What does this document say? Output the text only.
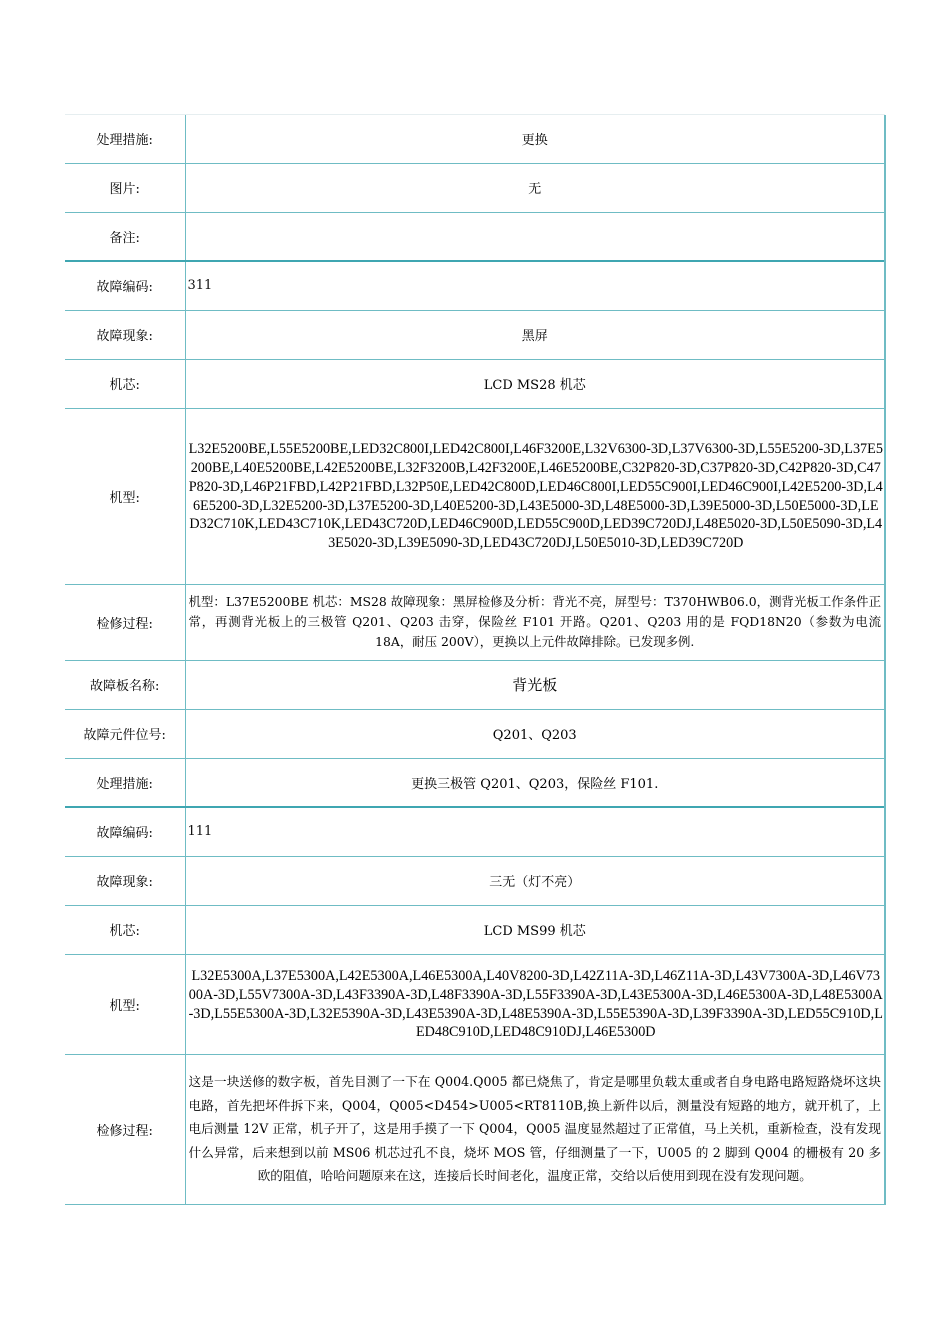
处理措施:	更换
图片:	无
备注:	
故障编码:	311
故障现象:	黑屏
机芯:	LCD MS28 机芯
机型:	L32E5200BE,L55E5200BE,LED32C800I,LED42C800I,L46F3200E,L32V6300-3D,L37V6300-3D,L55E5200-3D,L37E5200BE,L40E5200BE,L42E5200BE,L32F3200B,L42F3200E,L46E5200BE,C32P820-3D,C37P820-3D,C42P820-3D,C47P820-3D,L46P21FBD,L42P21FBD,L32P50E,LED42C800D,LED46C800I,LED55C900I,LED46C900I,L42E5200-3D,L46E5200-3D,L32E5200-3D,L37E5200-3D,L40E5200-3D,L43E5000-3D,L48E5000-3D,L39E5000-3D,L50E5000-3D,LED32C710K,LED43C710K,LED43C720D,LED46C900D,LED55C900D,LED39C720DJ,L48E5020-3D,L50E5090-3D,L43E5020-3D,L39E5090-3D,LED43C720DJ,L50E5010-3D,LED39C720D
检修过程:	机型：L37E5200BE 机芯：MS28 故障现象：黑屏检修及分析：背光不亮，屏型号：T370HWB06.0，测背光板工作条件正常，再测背光板上的三极管 Q201、Q203 击穿，保险丝 F101 开路。Q201、Q203 用的是 FQD18N20（参数为电流 18A，耐压 200V），更换以上元件故障排除。已发现多例.
故障板名称:	背光板
故障元件位号:	Q201、Q203
处理措施:	更换三极管 Q201、Q203，保险丝 F101.
故障编码:	111
故障现象:	三无（灯不亮）
机芯:	LCD MS99 机芯
机型:	L32E5300A,L37E5300A,L42E5300A,L46E5300A,L40V8200-3D,L42Z11A-3D,L46Z11A-3D,L43V7300A-3D,L46V7300A-3D,L55V7300A-3D,L43F3390A-3D,L48F3390A-3D,L55F3390A-3D,L43E5300A-3D,L46E5300A-3D,L48E5300A-3D,L55E5300A-3D,L32E5390A-3D,L43E5390A-3D,L48E5390A-3D,L55E5390A-3D,L39F3390A-3D,LED55C910D,LED48C910D,LED48C910DJ,L46E5300D
检修过程:	这是一块送修的数字板，首先目测了一下在 Q004.Q005 都已烧焦了，肯定是哪里负载太重或者自身电路电路短路烧坏这块电路，首先把坏件拆下来，Q004，Q005<D454>U005<RT8110B,换上新件以后，测量没有短路的地方，就开机了，上电后测量 12V 正常，机子开了，这是用手摸了一下 Q004，Q005 温度显然超过了正常值，马上关机，重新检查，没有发现什么异常，后来想到以前 MS06 机芯过孔不良，烧坏 MOS 管，仔细测量了一下，U005 的 2 脚到 Q004 的栅极有 20 多欧的阻值，哈哈问题原来在这，连接后长时间老化，温度正常，交给以后使用到现在没有发现问题。
